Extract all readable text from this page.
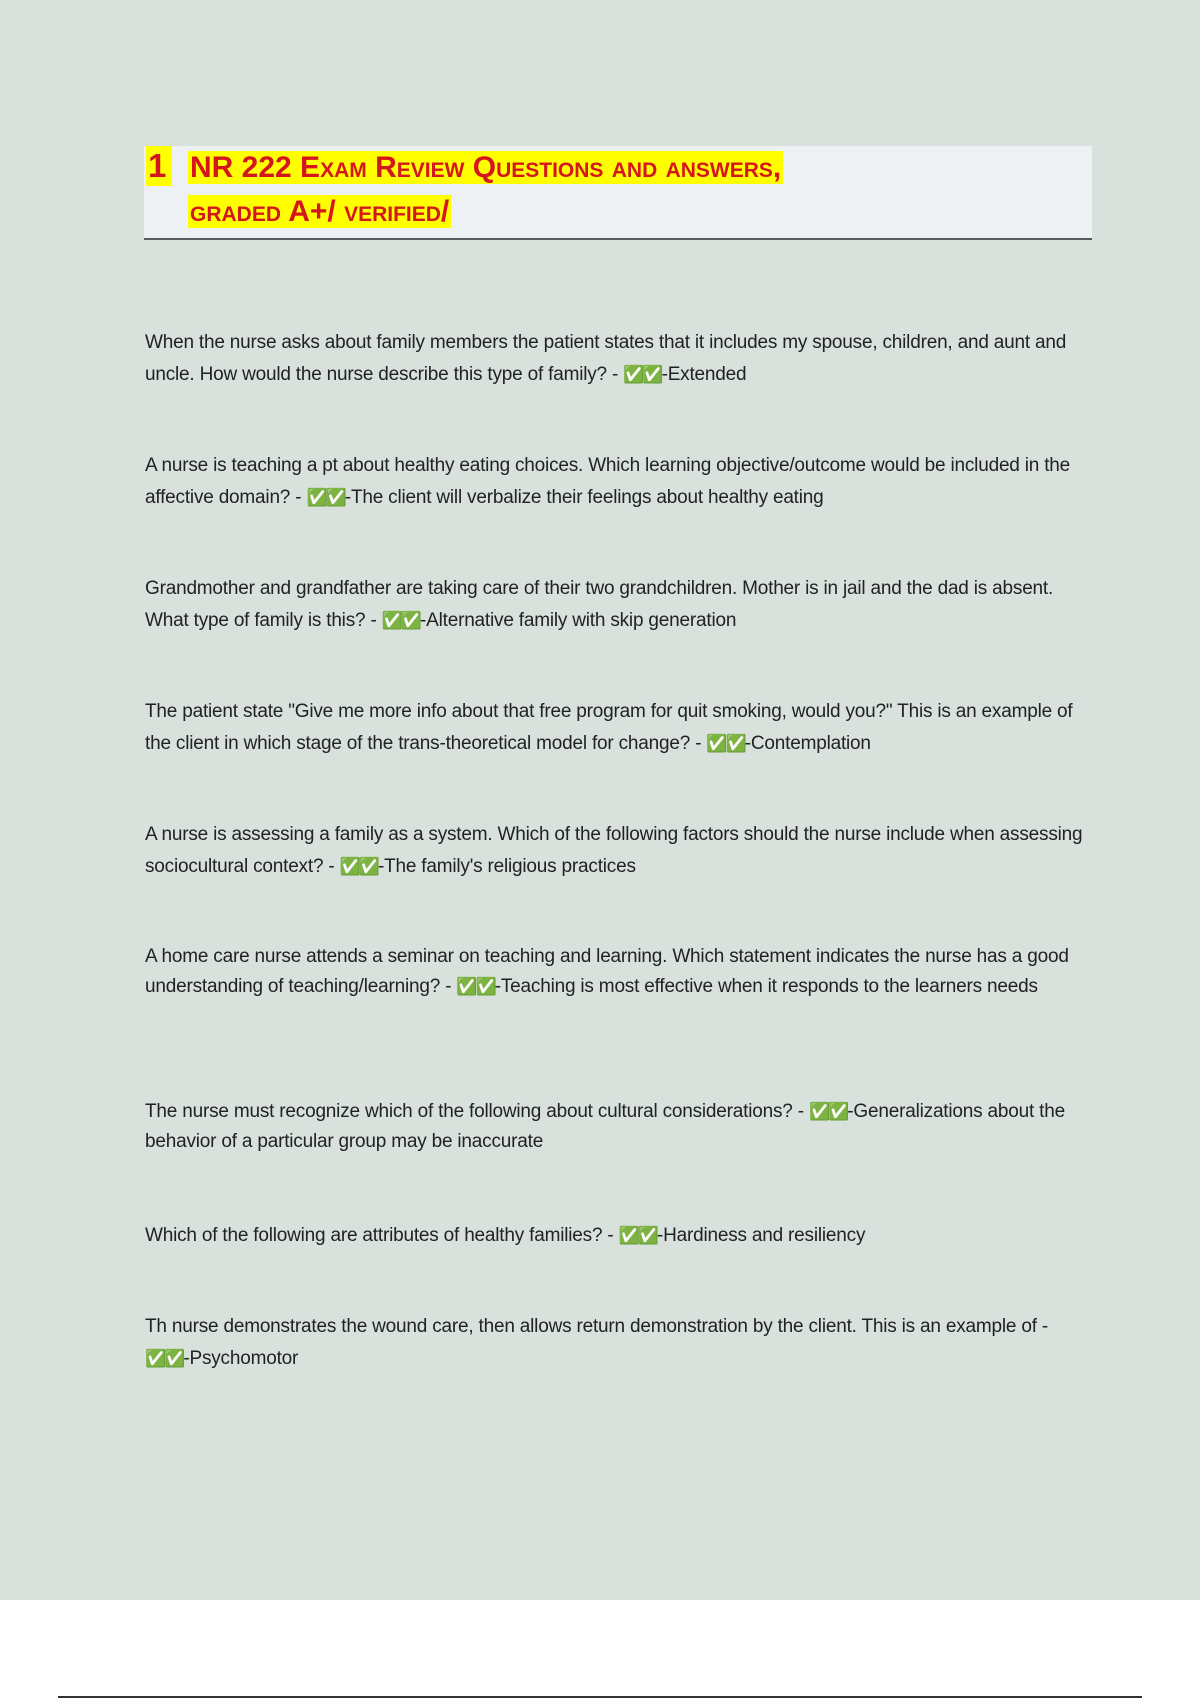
1 NR 222 Exam Review Questions and answers,
graded A+/ verified/
When the nurse asks about family members the patient states that it includes my spouse, children, and aunt and uncle. How would the nurse describe this type of family? - ✅✅-Extended
A nurse is teaching a pt about healthy eating choices. Which learning objective/outcome would be included in the affective domain? - ✅✅-The client will verbalize their feelings about healthy eating
Grandmother and grandfather are taking care of their two grandchildren. Mother is in jail and the dad is absent. What type of family is this? - ✅✅-Alternative family with skip generation
The patient state "Give me more info about that free program for quit smoking, would you?" This is an example of the client in which stage of the trans-theoretical model for change? - ✅✅-Contemplation
A nurse is assessing a family as a system. Which of the following factors should the nurse include when assessing sociocultural context? - ✅✅-The family's religious practices
A home care nurse attends a seminar on teaching and learning. Which statement indicates the nurse has a good understanding of teaching/learning? - ✅✅-Teaching is most effective when it responds to the learners needs
The nurse must recognize which of the following about cultural considerations? - ✅✅-Generalizations about the behavior of a particular group may be inaccurate
Which of the following are attributes of healthy families? - ✅✅-Hardiness and resiliency
Th nurse demonstrates the wound care, then allows return demonstration by the client. This is an example of - ✅✅-Psychomotor
